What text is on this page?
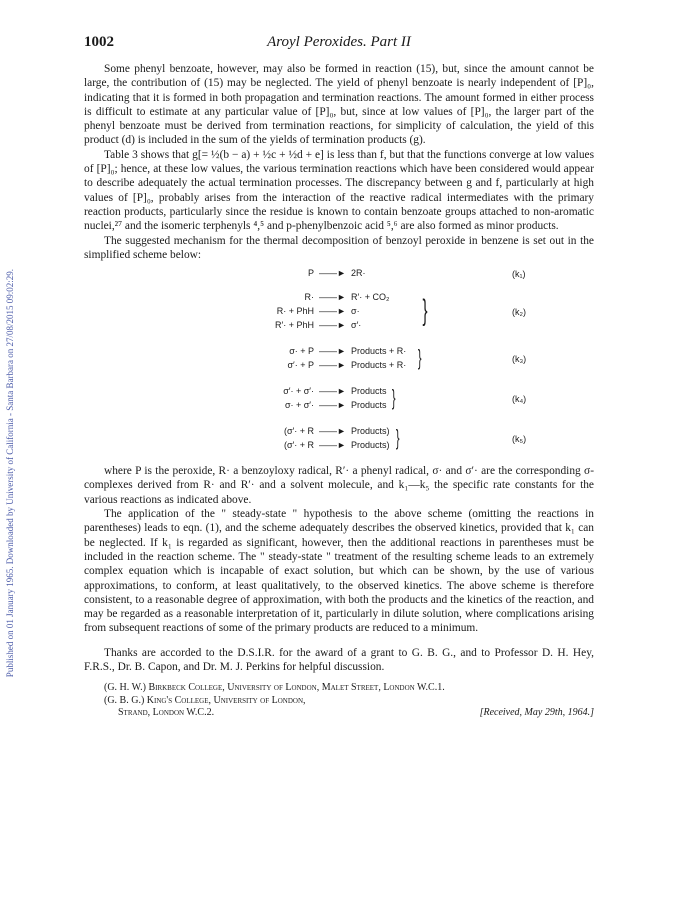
Published on 01 January 1965. Downloaded by University of California - Santa Barbara on 27/08/2015 09:02:29.
1002	Aroyl Peroxides. Part II

Some phenyl benzoate, however, may also be formed in reaction (15), but, since the amount cannot be large, the contribution of (15) may be neglected. The yield of phenyl benzoate is nearly independent of [P]₀, indicating that it is formed in both propagation and termination reactions. The amount formed in either process is difficult to estimate at any particular value of [P]₀, but, since at low values of [P]₀, the larger part of the phenyl benzoate must be derived from termination reactions, for simplicity of calculation, the yield of this product (d) is included in the sum of the yields of termination products (g).

Table 3 shows that g[= ½(b − a) + ½c + ½d + e] is less than f, but that the functions converge at low values of [P]₀; hence, at these low values, the various termination reactions which have been considered would appear to describe adequately the actual termination processes. The discrepancy between g and f, particularly at high values of [P]₀, probably arises from the interaction of the reactive radical intermediates with the primary reaction products, particularly since the residue is known to contain benzoate groups attached to non-aromatic nuclei,²⁷ and the isomeric terphenyls ⁴,⁵ and p-phenylbenzoic acid ⁵,⁶ are also formed as minor products.

The suggested mechanism for the thermal decomposition of benzoyl peroxide in benzene is set out in the simplified scheme below:

P ——► 2R·	(k₁)
R· ——► R′· + CO₂
R· + PhH ——► σ·
R′· + PhH ——► σ′· }	(k₂)
σ· + P ——► Products + R·
σ′· + P ——► Products + R· }	(k₃)
σ′· + σ′· ——► Products
σ· + σ′· ——► Products }	(k₄)
(σ′· + R ——► Products)
(σ′· + R ——► Products) }	(k₅)

where P is the peroxide, R· a benzoyloxy radical, R′· a phenyl radical, σ· and σ′· are the corresponding σ-complexes derived from R· and R′· and a solvent molecule, and k₁—k₅ the specific rate constants for the various reactions as indicated above.

The application of the " steady-state " hypothesis to the above scheme (omitting the reactions in parentheses) leads to eqn. (1), and the scheme adequately describes the observed kinetics, provided that k₁ can be neglected. If k₁ is regarded as significant, however, then the additional reactions in parentheses must be included in the reaction scheme. The " steady-state " treatment of the resulting scheme leads to an extremely complex equation which is incapable of exact solution, but which can be shown, by the use of various approximations, to conform, at least qualitatively, to the observed kinetics. The above scheme is therefore consistent, to a reasonable degree of approximation, with both the products and the kinetics of the reaction, and may be regarded as a reasonable interpretation of it, particularly in dilute solution, where complications arising from subsequent reactions of some of the primary products are reduced to a minimum.

Thanks are accorded to the D.S.I.R. for the award of a grant to G. B. G., and to Professor D. H. Hey, F.R.S., Dr. B. Capon, and Dr. M. J. Perkins for helpful discussion.

(G. H. W.) Birkbeck College, University of London, Malet Street, London W.C.1.
(G. B. G.) King's College, University of London,
Strand, London W.C.2.	[Received, May 29th, 1964.]
